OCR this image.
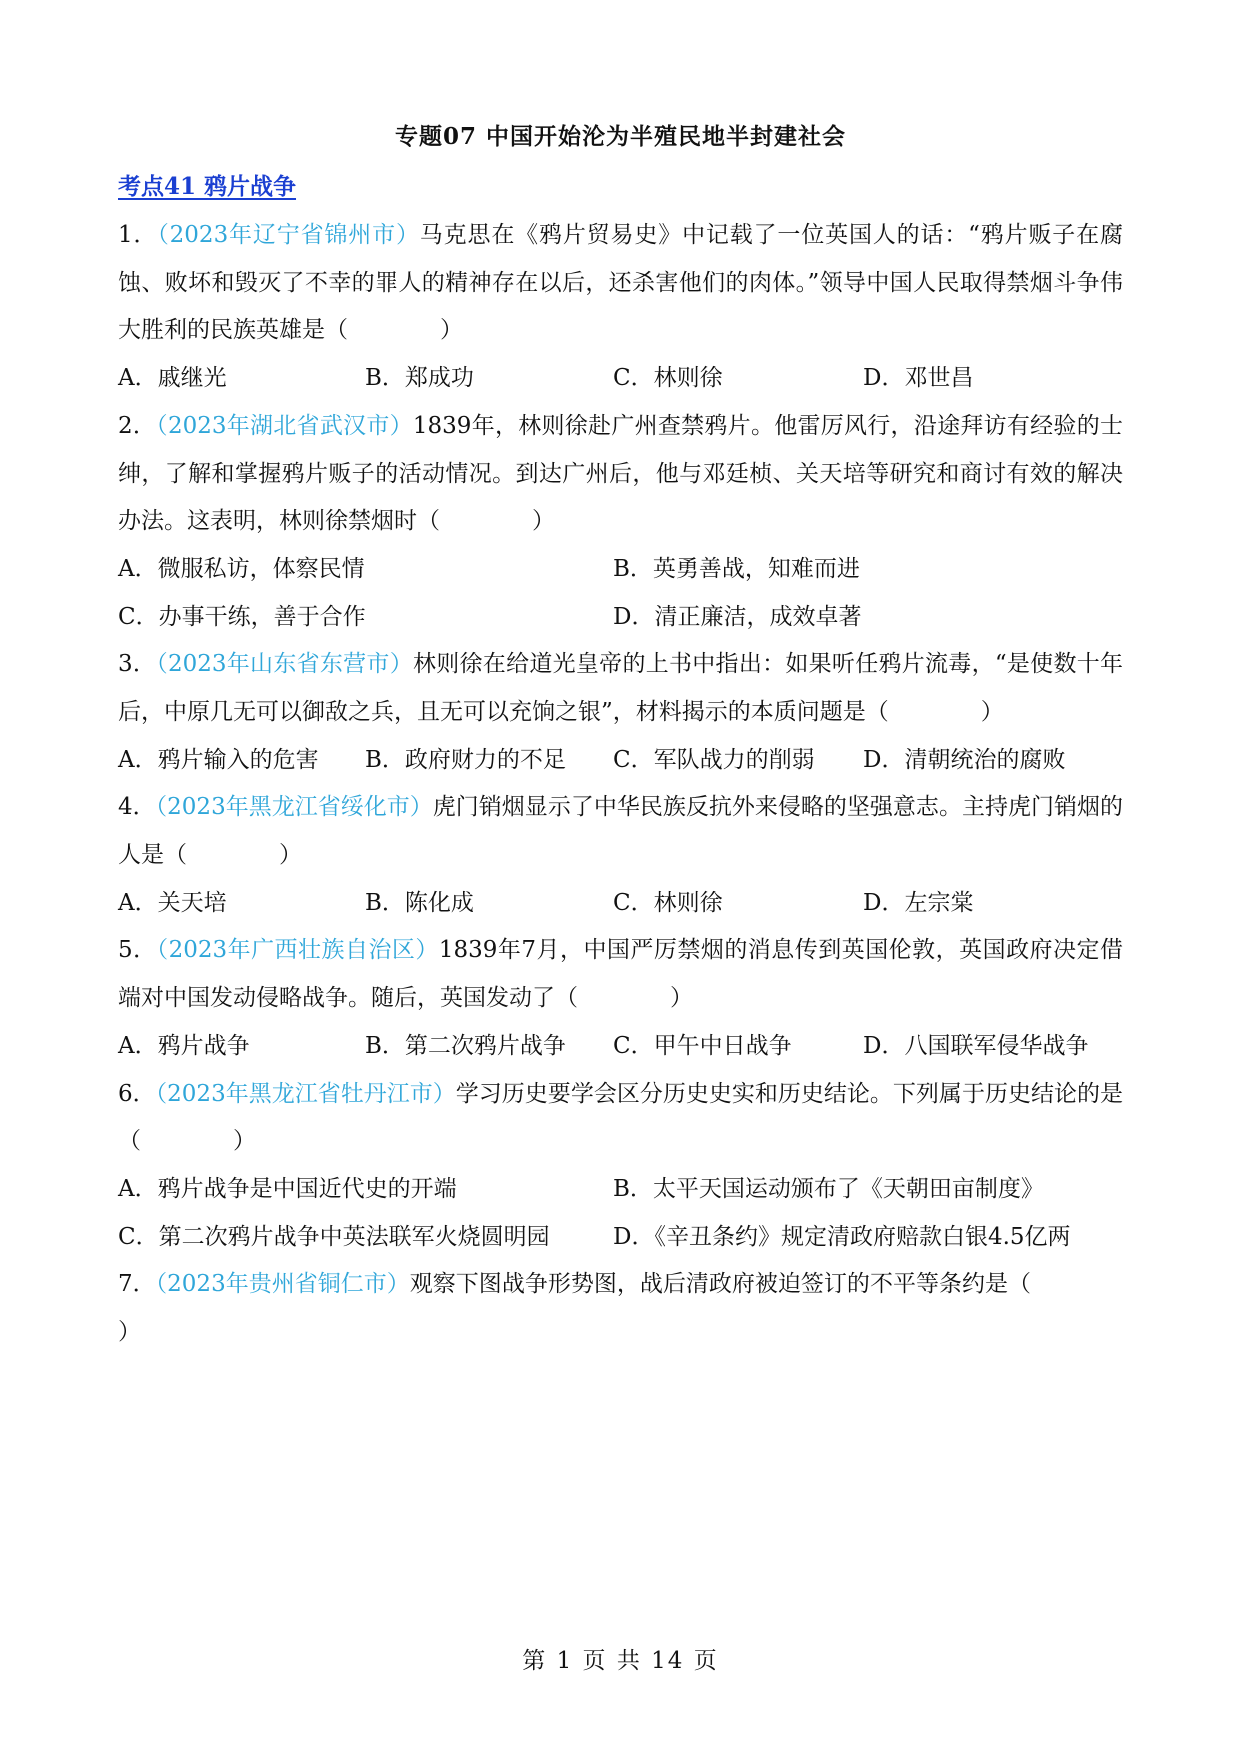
专题07 中国开始沦为半殖民地半封建社会
考点41 鸦片战争

1．（2023年辽宁省锦州市）马克思在《鸦片贸易史》中记载了一位英国人的话：“鸦片贩子在腐蚀、败坏和毁灭了不幸的罪人的精神存在以后，还杀害他们的肉体。”领导中国人民取得禁烟斗争伟大胜利的民族英雄是（	）

A．戚继光	B．郑成功	C．林则徐	D．邓世昌

2．（2023年湖北省武汉市）1839年，林则徐赴广州查禁鸦片。他雷厉风行，沿途拜访有经验的士绅，了解和掌握鸦片贩子的活动情况。到达广州后，他与邓廷桢、关天培等研究和商讨有效的解决办法。这表明，林则徐禁烟时（	）

A．微服私访，体察民情	B．英勇善战，知难而进
C．办事干练，善于合作	D．清正廉洁，成效卓著

3．（2023年山东省东营市）林则徐在给道光皇帝的上书中指出：如果听任鸦片流毒，“是使数十年后，中原几无可以御敌之兵，且无可以充饷之银”，材料揭示的本质问题是（	）

A．鸦片输入的危害	B．政府财力的不足	C．军队战力的削弱	D．清朝统治的腐败

4．（2023年黑龙江省绥化市）虎门销烟显示了中华民族反抗外来侵略的坚强意志。主持虎门销烟的人是（	）

A．关天培	B．陈化成	C．林则徐	D．左宗棠

5．（2023年广西壮族自治区）1839年7月，中国严厉禁烟的消息传到英国伦敦，英国政府决定借端对中国发动侵略战争。随后，英国发动了（	）

A．鸦片战争	B．第二次鸦片战争	C．甲午中日战争	D．八国联军侵华战争

6．（2023年黑龙江省牡丹江市）学习历史要学会区分历史史实和历史结论。下列属于历史结论的是（	）

A．鸦片战争是中国近代史的开端	B．太平天国运动颁布了《天朝田亩制度》
C．第二次鸦片战争中英法联军火烧圆明园	D．《辛丑条约》规定清政府赔款白银4.5亿两

7．（2023年贵州省铜仁市）观察下图战争形势图，战后清政府被迫签订的不平等条约是（）

第 1 页 共 14 页
